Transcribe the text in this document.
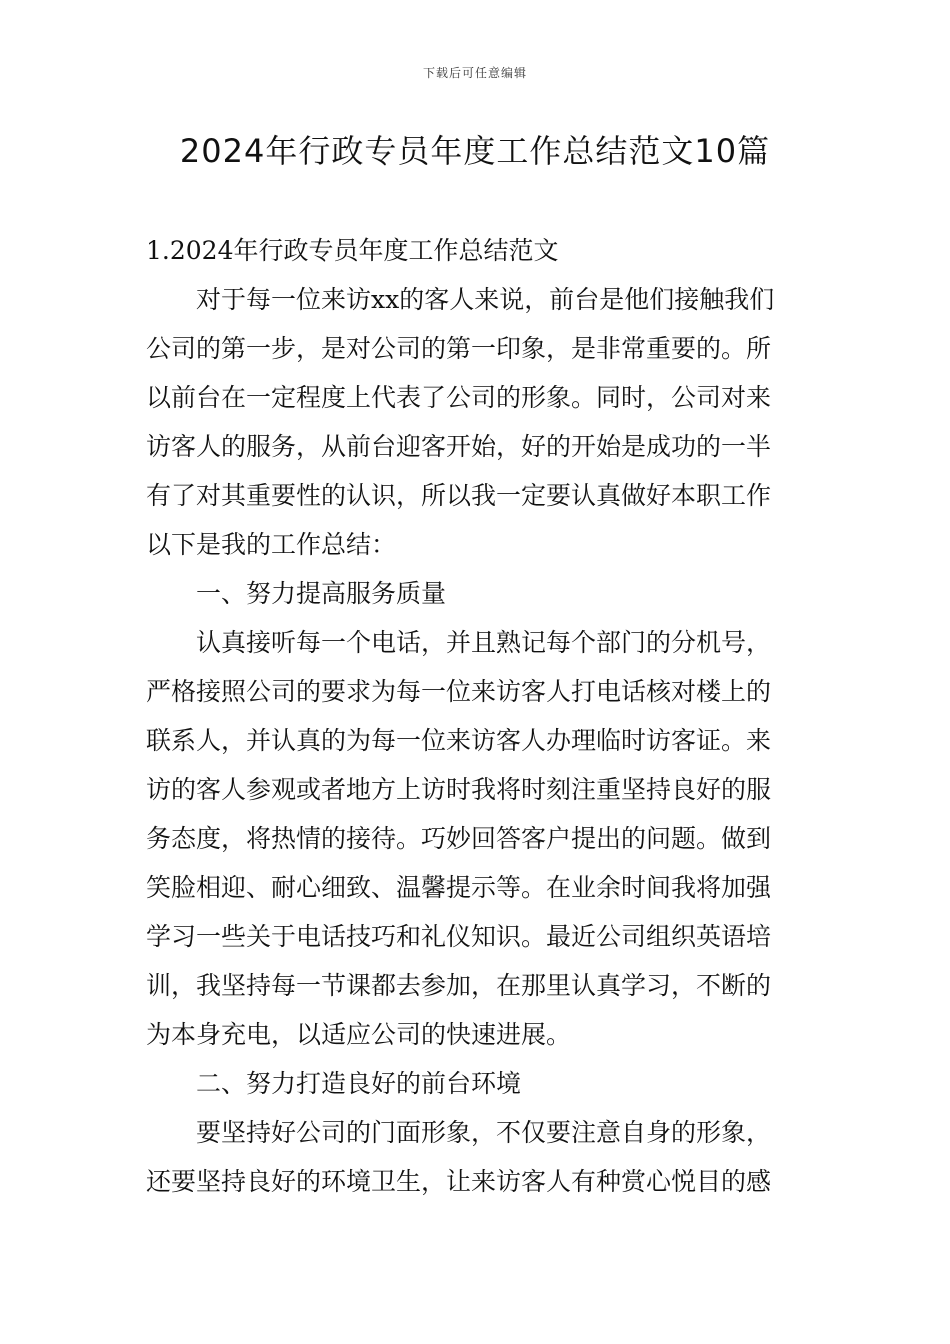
下载后可任意编辑
2024年行政专员年度工作总结范文10篇
1.2024年行政专员年度工作总结范文
对于每一位来访xx的客人来说，前台是他们接触我们
公司的第一步，是对公司的第一印象，是非常重要的。所
以前台在一定程度上代表了公司的形象。同时，公司对来
访客人的服务，从前台迎客开始，好的开始是成功的一半
有了对其重要性的认识，所以我一定要认真做好本职工作
以下是我的工作总结：
一、努力提高服务质量
认真接听每一个电话，并且熟记每个部门的分机号，
严格接照公司的要求为每一位来访客人打电话核对楼上的
联系人，并认真的为每一位来访客人办理临时访客证。来
访的客人参观或者地方上访时我将时刻注重坚持良好的服
务态度，将热情的接待。巧妙回答客户提出的问题。做到
笑脸相迎、耐心细致、温馨提示等。在业余时间我将加强
学习一些关于电话技巧和礼仪知识。最近公司组织英语培
训，我坚持每一节课都去参加，在那里认真学习，不断的
为本身充电，以适应公司的快速进展。
二、努力打造良好的前台环境
要坚持好公司的门面形象，不仅要注意自身的形象，
还要坚持良好的环境卫生，让来访客人有种赏心悦目的感
